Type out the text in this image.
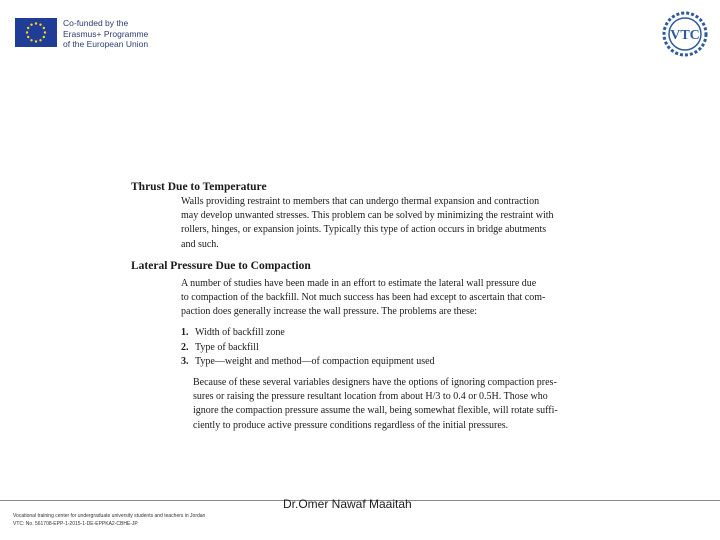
Co-funded by the
Erasmus+ Programme
of the European Union
VTC
Thrust Due to Temperature
Walls providing restraint to members that can undergo thermal expansion and contraction
may develop unwanted stresses. This problem can be solved by minimizing the restraint with
rollers, hinges, or expansion joints. Typically this type of action occurs in bridge abutments
and such.
Lateral Pressure Due to Compaction
A number of studies have been made in an effort to estimate the lateral wall pressure due
to compaction of the backfill. Not much success has been had except to ascertain that com-
paction does generally increase the wall pressure. The problems are these:
1. Width of backfill zone
2. Type of backfill
3. Type—weight and method—of compaction equipment used
Because of these several variables designers have the options of ignoring compaction pres-
sures or raising the pressure resultant location from about H/3 to 0.4 or 0.5H. Those who
ignore the compaction pressure assume the wall, being somewhat flexible, will rotate suffi-
ciently to produce active pressure conditions regardless of the initial pressures.
Dr.Omer Nawaf Maaitah
Vocational training center for undergraduate university students and teachers in Jordan
VTC: No. 561708-EPP-1-2015-1-DE-EPPKA2-CBHE-JP
